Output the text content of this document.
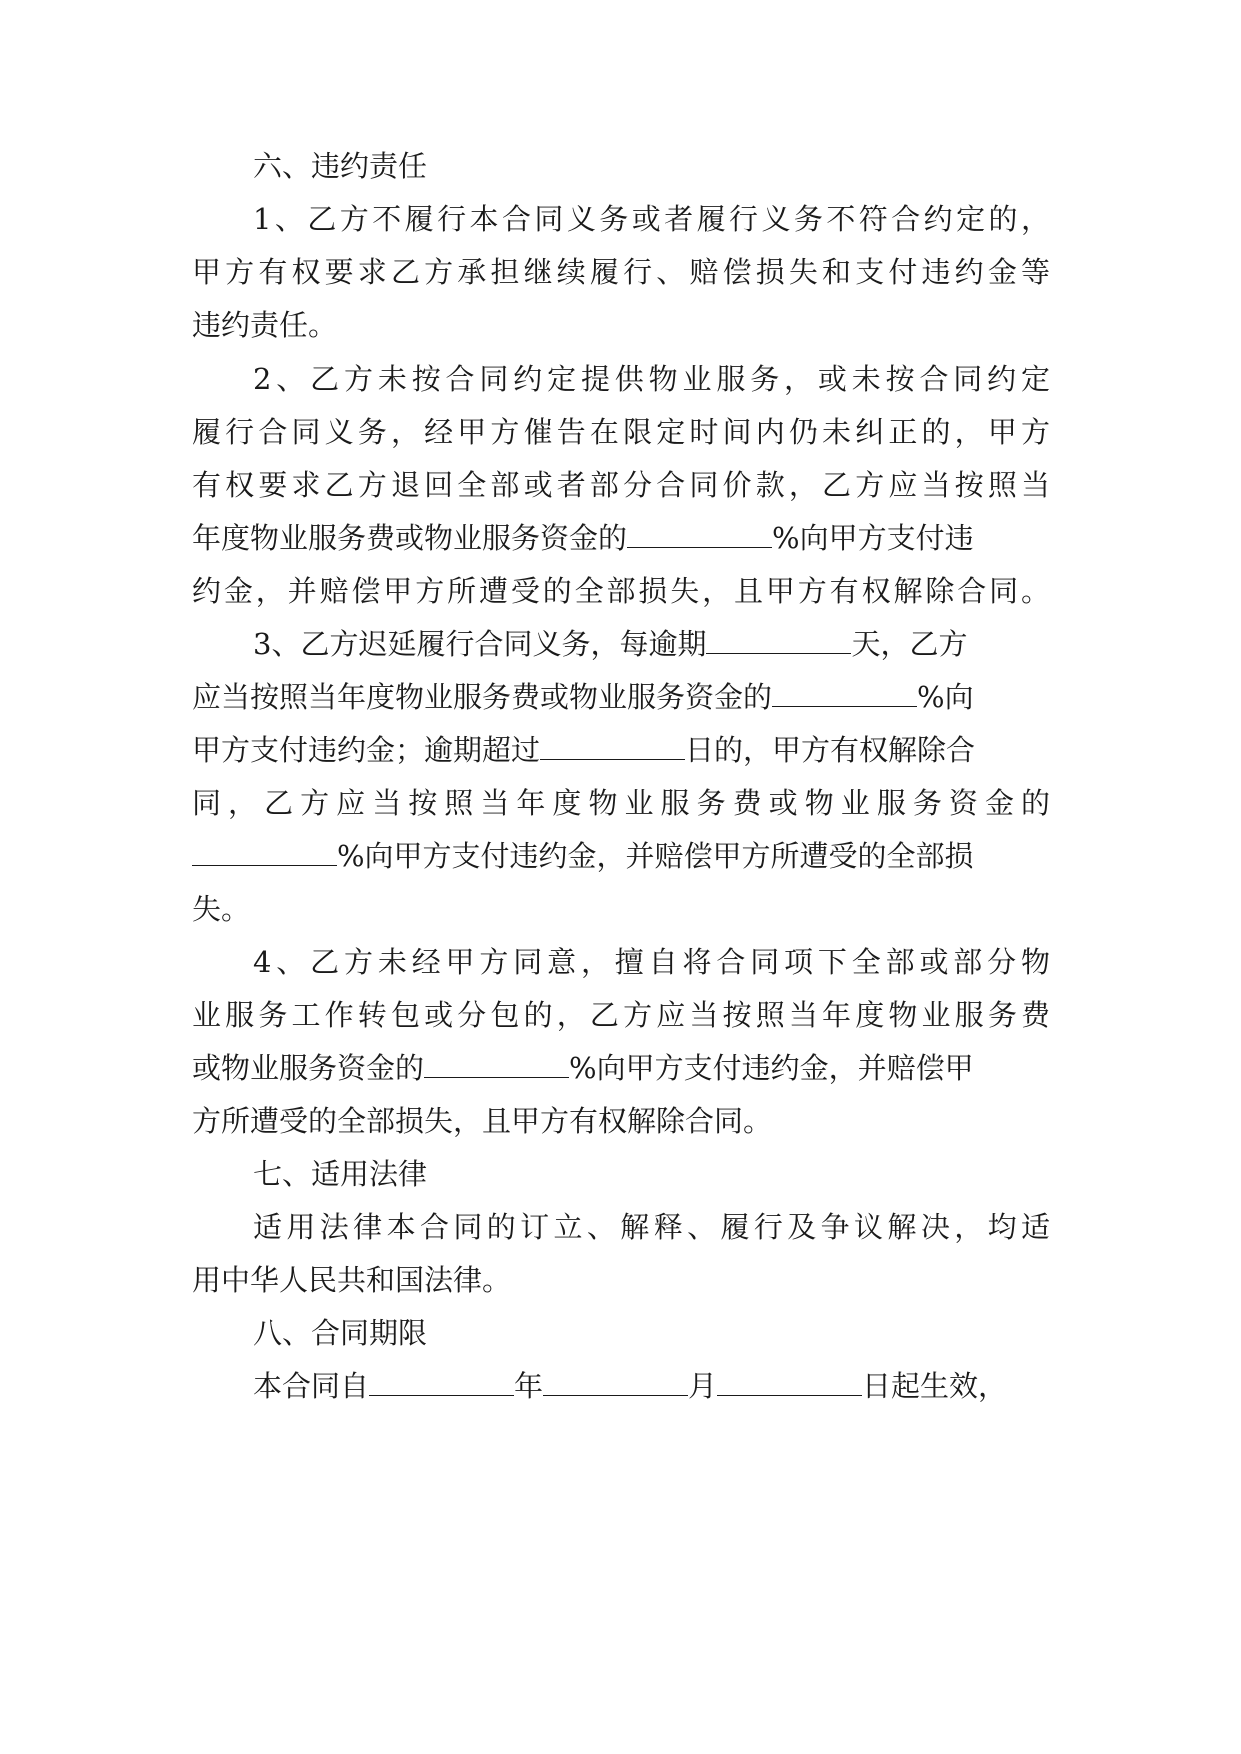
六、违约责任
1、乙方不履行本合同义务或者履行义务不符合约定的，
甲方有权要求乙方承担继续履行、赔偿损失和支付违约金等
违约责任。
2、乙方未按合同约定提供物业服务，或未按合同约定
履行合同义务，经甲方催告在限定时间内仍未纠正的，甲方
有权要求乙方退回全部或者部分合同价款，乙方应当按照当
年度物业服务费或物业服务资金的	%向甲方支付违
约金，并赔偿甲方所遭受的全部损失，且甲方有权解除合同。
3、乙方迟延履行合同义务，每逾期	天，乙方
应当按照当年度物业服务费或物业服务资金的	%向
甲方支付违约金；逾期超过	日的，甲方有权解除合
同，乙方应当按照当年度物业服务费或物业服务资金的
%向甲方支付违约金，并赔偿甲方所遭受的全部损
失。
4、乙方未经甲方同意，擅自将合同项下全部或部分物
业服务工作转包或分包的，乙方应当按照当年度物业服务费
或物业服务资金的	%向甲方支付违约金，并赔偿甲
方所遭受的全部损失，且甲方有权解除合同。
七、适用法律
适用法律本合同的订立、解释、履行及争议解决，均适
用中华人民共和国法律。
八、合同期限
本合同自	年	月	日起生效，
